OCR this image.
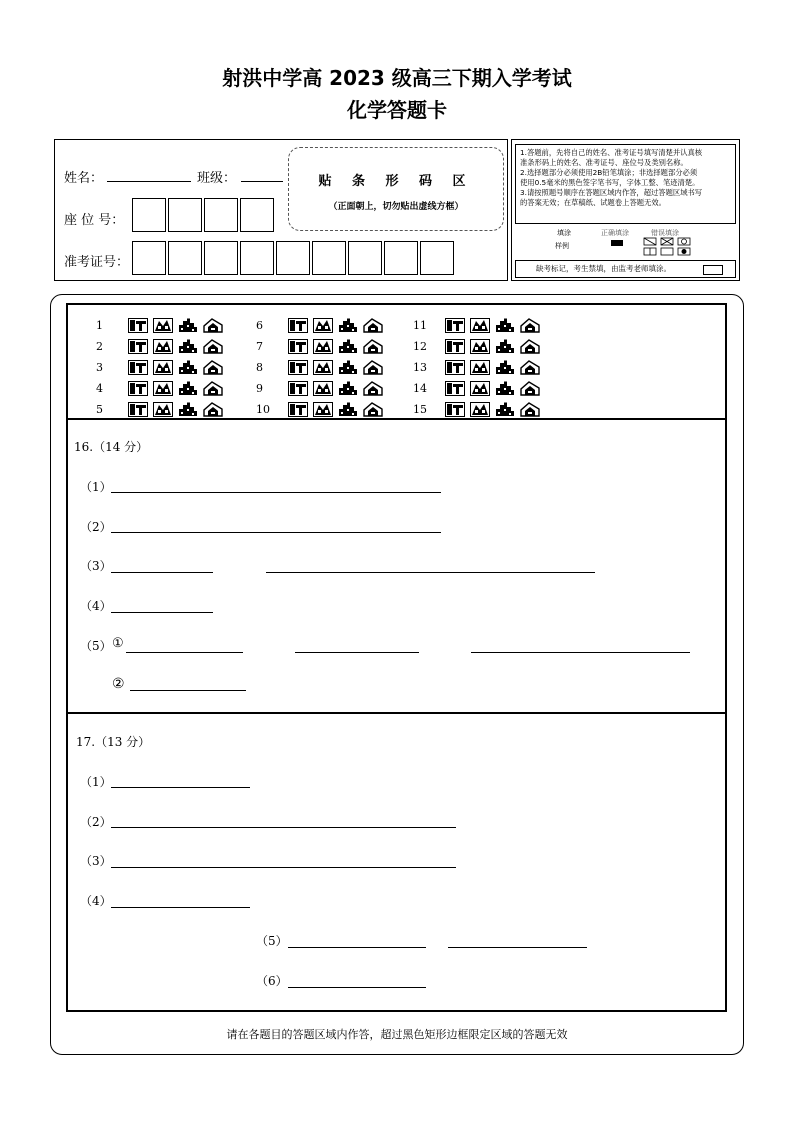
射洪中学高 2023 级高三下期入学考试
化学答题卡
姓名：	班级：
座 位 号：
准考证号：
贴 条 形 码 区
（正面朝上，切勿贴出虚线方框）
1.答题前，先将自己的姓名、准考证号填写清楚并认真核
准条形码上的姓名、准考证号、座位号及类别名称。
2.选择题部分必须使用2B铅笔填涂；非选择题部分必须
使用0.5毫米的黑色签字笔书写，字体工整、笔迹清楚。
3.请按照题号顺序在答题区域内作答，超过答题区域书写
的答案无效；在草稿纸、试题卷上答题无效。
填涂
样例
正确填涂	错误填涂
缺考标记，考生禁填，由监考老师填涂。
1
2
3
4
5
6
7
8
9
10
11
12
13
14
15
16.（14 分）
（1）
（2）
（3）
（4）
（5） ①
②
17.（13 分）
（1）
（2）
（3）
（4）
（5）
（6）
请在各题目的答题区域内作答，超过黑色矩形边框限定区域的答题无效
